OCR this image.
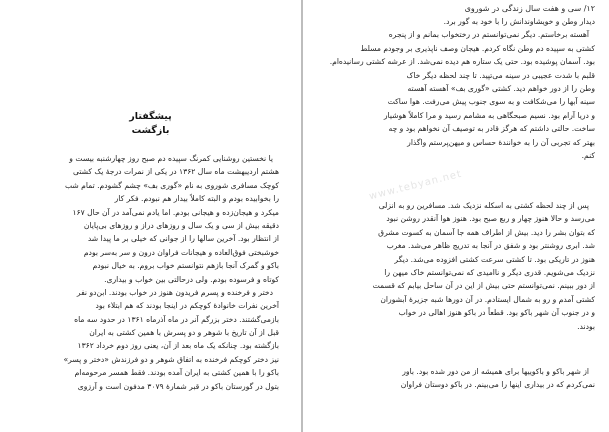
پیشگفتار
بازگشت
یا نخستین روشنایی کمرنگ سپیده دم صبح روز چهارشنبه بیست و
هشتم اردیبهشت ماه سال ۱۳۶۲ در یکی از نمرات درجهٔ یک کشتی
کوچک مسافری شوروی به نام «گوری بف» چشم گشودم. تمام شب
را بخوابیده بودم و البته کاملاً بیدار هم نبودم. فکر کار
میکرد و هیجان‌زده و هیجانی بودم. اما یادم نمی‌آمد در آن حال ۱۶۷
دقیقه بیش از سی و یک سال و روزهای دراز و روزهای بی‌پایان
از انتظار بود. آخرین سالها را از جوانی که خیلی بر ما پیدا شد
خوشبختی فوق‌العاده و هیجانات فراوان درون و سر به‌سر بودم
باکو و گمرک آنجا بازهم نتوانستم خواب بروم. به خیال نبودم
کوتاه و فرسوده بودم. ولی درحالتی بین خواب و بیداری.
دختر و فرخنده و پسرم فریدون هنوز در خواب بودند. ابن‌دو نفر
آخرین نفرات خانوادهٔ کوچکم در اینجا بودند که هم ابتلاء بود
بازمی‌گشتند. دختر بزرگم آنر در ماه آذرماه ۱۳۶۱ در حدود سه ماه
قبل از آن تاریخ با شوهر و دو پسرش با همین کشتی به ایران
بازگشته بود. چنانکه یک ماه بعد از آن، یعنی روز دوم خرداد ۱۳۶۲
نیز دختر کوچکم فرخنده به اتفاق شوهر و دو فرزندش «دختر و پسر»
باکو را با همین کشتی به ایران آمده بودند. فقط همسر مرحومه‌ام
بتول در گورستان باکو در قبر شمارهٔ ۳۰۷۹ مدفون است و آرزوی
۱۲/ سی و هفت سال زندگی در شوروی
دیدار وطن و خویشاوندانش را با خود به گور برد.
آهسته برخاستم. دیگر نمی‌توانستم در رختخواب بمانم و از پنجره
کشتی به سپیده دم وطن نگاه کردم. هیجان وصف ناپذیری بر وجودم مسلط
بود. آسمان پوشیده بود. حتی یک ستاره هم دیده نمی‌شد. از عرشه کشتی رسانیده‌ام.
قلبم با شدت عجیبی در سینه می‌تپید. تا چند لحظه دیگر خاک
وطن را از دور خواهم دید. کشتی «گوری بف» آهسته آهسته
سینه آبها را می‌شکافت و به سوی جنوب پیش می‌رفت. هوا ساکت
و دریا آرام بود. نسیم صبحگاهی به مشامم رسید و مرا کاملاً هوشیار
ساخت. حالتی داشتم که هرگز قادر به توصیف آن نخواهم بود و چه
بهتر که تجربی آن را به خوانندهٔ حساس و میهن‌پرستم واگذار
کنم.
پس از چند لحظه کشتی به اسکله نزدیک شد. مسافرین رو به انزلی
می‌رسد و حالا هنوز چهار و ربع صبح بود. هنوز هوا آنقدر روشن نبود
که بتوان بشر را دید. بیش از اطراف همه جا آسمان به کسوت مشرق
شد. ابری روشنتر بود و شفق در آنجا به تدریج ظاهر می‌شد. مغرب
هنوز در تاریکی بود. تا کشتی سرعت کشتی افزوده می‌شد. دیگر
نزدیک می‌شویم. قدری دیگر و ناامیدی که نمی‌توانستم خاک میهن را
از دور ببینم. نمی‌توانستم حتی بیش از این در آن ساحل بیابم که قسمت
کشتی آمدم و رو به شمال ایستادم. در آن دورها شبه جزیرهٔ آبشوران
و در جنوب آن شهر باکو بود. قطعاً در باکو هنوز اهالی در خواب
بودند.
از شهر باکو و باکوییها برای همیشه از من دور شده بود. باور
نمی‌کردم که در بیداری اینها را می‌بینم. در باکو دوستان فراوان
www.tebyan.net
